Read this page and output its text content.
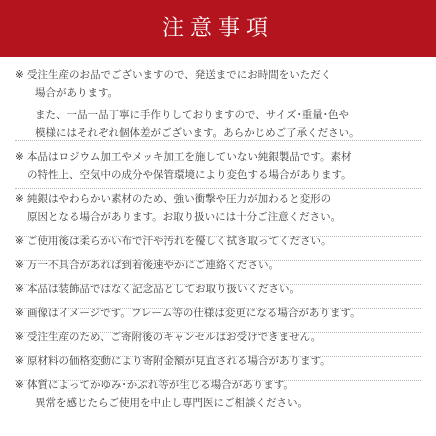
注意事項
※ 受注生産のお品でございますので、発送までにお時間をいただく
場合があります。
また、一品一品丁寧に手作りしておりますので、サイズ･重量･色や
模様にはそれぞれ個体差がございます。あらかじめご了承ください。
※ 本品はロジウム加工やメッキ加工を施していない純銀製品です。素材
の特性上、空気中の成分や保管環境により変色する場合があります。
※ 純銀はやわらかい素材のため、強い衝撃や圧力が加わると変形の
原因となる場合があります。お取り扱いには十分ご注意ください。
※ ご使用後は柔らかい布で汗や汚れを優しく拭き取ってください。
※ 万一不具合があれば到着後速やかにご連絡ください。
※ 本品は装飾品ではなく記念品としてお取り扱いください。
※ 画像はイメージです。フレーム等の仕様は変更になる場合があります。
※ 受注生産のため、ご寄附後のキャンセルはお受けできません。
※ 原材料の価格変動により寄附金額が見直される場合があります。
※ 体質によってかゆみ･かぶれ等が生じる場合があります。
異常を感じたらご使用を中止し専門医にご相談ください。
